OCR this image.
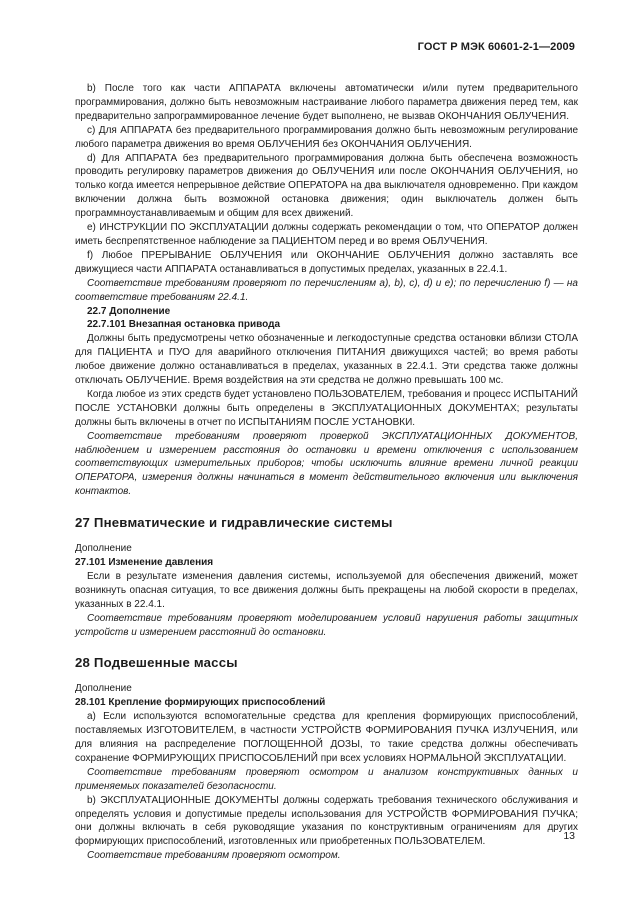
ГОСТ Р МЭК 60601-2-1—2009

b) После того как части АППАРАТА включены автоматически и/или путем предварительного программирования, должно быть невозможным настраивание любого параметра движения перед тем, как предварительно запрограммированное лечение будет выполнено, не вызвав ОКОНЧАНИЯ ОБЛУЧЕНИЯ.

c) Для АППАРАТА без предварительного программирования должно быть невозможным регулирование любого параметра движения во время ОБЛУЧЕНИЯ без ОКОНЧАНИЯ ОБЛУЧЕНИЯ.

d) Для АППАРАТА без предварительного программирования должна быть обеспечена возможность проводить регулировку параметров движения до ОБЛУЧЕНИЯ или после ОКОНЧАНИЯ ОБЛУЧЕНИЯ, но только когда имеется непрерывное действие ОПЕРАТОРА на два выключателя одновременно. При каждом включении должна быть возможной остановка движения; один выключатель должен быть программноустанавливаемым и общим для всех движений.

e) ИНСТРУКЦИИ ПО ЭКСПЛУАТАЦИИ должны содержать рекомендации о том, что ОПЕРАТОР должен иметь беспрепятственное наблюдение за ПАЦИЕНТОМ перед и во время ОБЛУЧЕНИЯ.

f) Любое ПРЕРЫВАНИЕ ОБЛУЧЕНИЯ или ОКОНЧАНИЕ ОБЛУЧЕНИЯ должно заставлять все движущиеся части АППАРАТА останавливаться в допустимых пределах, указанных в 22.4.1.

Соответствие требованиям проверяют по перечислениям a), b), c), d) и e); по перечислению f) — на соответствие требованиям 22.4.1.

22.7 Дополнение

22.7.101 Внезапная остановка привода

Должны быть предусмотрены четко обозначенные и легкодоступные средства остановки вблизи СТОЛА для ПАЦИЕНТА и ПУО для аварийного отключения ПИТАНИЯ движущихся частей; во время работы любое движение должно останавливаться в пределах, указанных в 22.4.1. Эти средства также должны отключать ОБЛУЧЕНИЕ. Время воздействия на эти средства не должно превышать 100 мс.

Когда любое из этих средств будет установлено ПОЛЬЗОВАТЕЛЕМ, требования и процесс ИСПЫТАНИЙ ПОСЛЕ УСТАНОВКИ должны быть определены в ЭКСПЛУАТАЦИОННЫХ ДОКУМЕНТАХ; результаты должны быть включены в отчет по ИСПЫТАНИЯМ ПОСЛЕ УСТАНОВКИ.

Соответствие требованиям проверяют проверкой ЭКСПЛУАТАЦИОННЫХ ДОКУМЕНТОВ, наблюдением и измерением расстояния до остановки и времени отключения с использованием соответствующих измерительных приборов; чтобы исключить влияние времени личной реакции ОПЕРАТОРА, измерения должны начинаться в момент действительного включения или выключения контактов.

27 Пневматические и гидравлические системы

Дополнение

27.101 Изменение давления

Если в результате изменения давления системы, используемой для обеспечения движений, может возникнуть опасная ситуация, то все движения должны быть прекращены на любой скорости в пределах, указанных в 22.4.1.

Соответствие требованиям проверяют моделированием условий нарушения работы защитных устройств и измерением расстояний до остановки.

28 Подвешенные массы

Дополнение

28.101 Крепление формирующих приспособлений

a) Если используются вспомогательные средства для крепления формирующих приспособлений, поставляемых ИЗГОТОВИТЕЛЕМ, в частности УСТРОЙСТВ ФОРМИРОВАНИЯ ПУЧКА ИЗЛУЧЕНИЯ, или для влияния на распределение ПОГЛОЩЕННОЙ ДОЗЫ, то такие средства должны обеспечивать сохранение ФОРМИРУЮЩИХ ПРИСПОСОБЛЕНИЙ при всех условиях НОРМАЛЬНОЙ ЭКСПЛУАТАЦИИ.

Соответствие требованиям проверяют осмотром и анализом конструктивных данных и применяемых показателей безопасности.

b) ЭКСПЛУАТАЦИОННЫЕ ДОКУМЕНТЫ должны содержать требования технического обслуживания и определять условия и допустимые пределы использования для УСТРОЙСТВ ФОРМИРОВАНИЯ ПУЧКА; они должны включать в себя руководящие указания по конструктивным ограничениям для других формирующих приспособлений, изготовленных или приобретенных ПОЛЬЗОВАТЕЛЕМ.

Соответствие требованиям проверяют осмотром.

13
